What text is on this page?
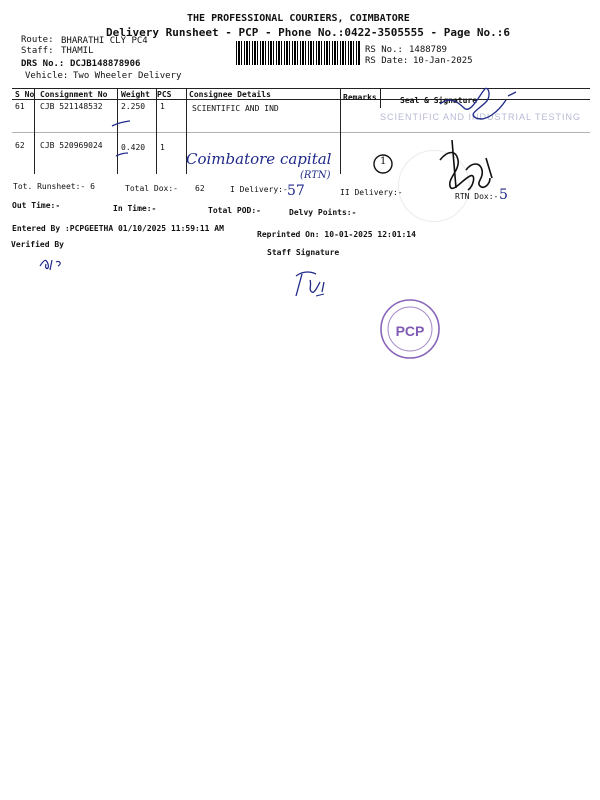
THE PROFESSIONAL COURIERS, COIMBATORE
Delivery Runsheet - PCP - Phone No.:0422-3505555 - Page No.:6
Route: BHARATHI CLY PC4
Staff: THAMIL
DRS No.: DCJB148878906
Vehicle: Two Wheeler Delivery
RS No.: 1488789
RS Date: 10-Jan-2025
S No Consignment No Weight PCS Consignee Details	Remarks	Seal & Signature
61 CJB 521148532 2.250 1	SCIENTIFIC AND IND
62 CJB 520969024 0.420 1
SCIENTIFIC AND INDUSTRIAL TESTING
Coimbatore capital
(RTN)
1
Tot. Runsheet:- 6	Total Dox:- 62	I Delivery:- 57	II Delivery:-	RTN Dox:- 5
Out Time:-	In Time:-	Total POD:-	Delvy Points:-
Entered By :PCPGEETHA 01/10/2025 11:59:11 AM
Reprinted On: 10-01-2025 12:01:14
Verified By
Staff Signature
PCP
